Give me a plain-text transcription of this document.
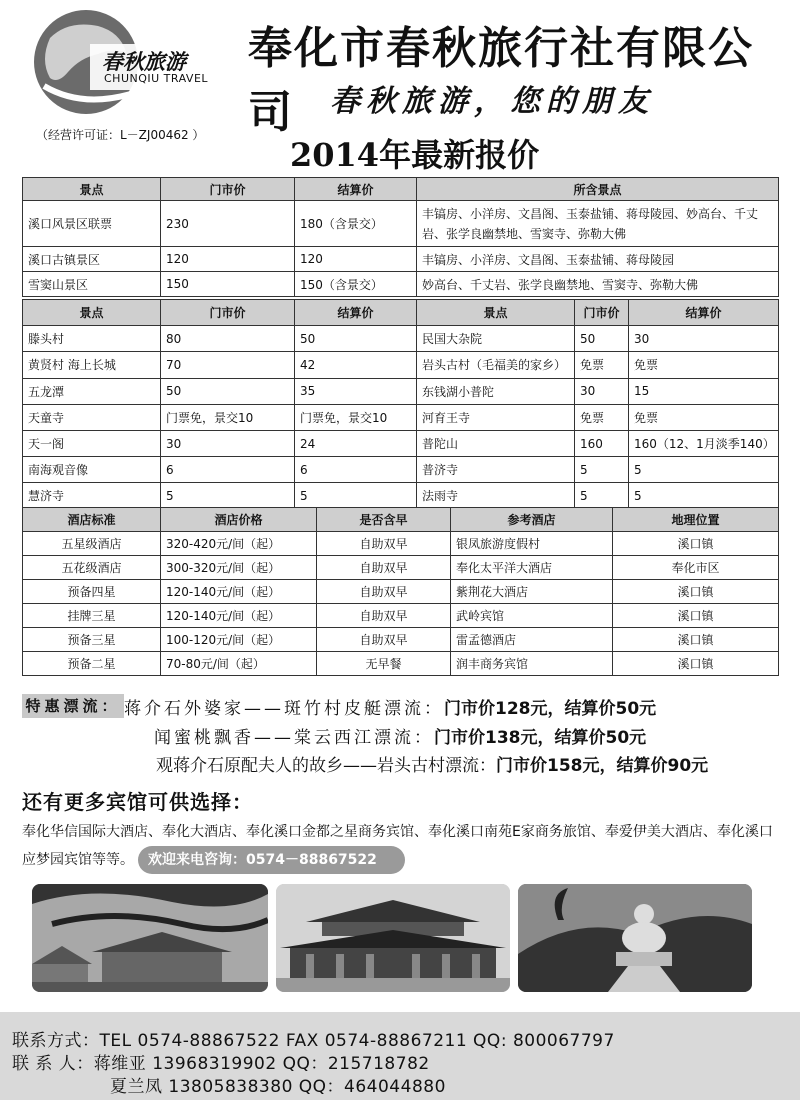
春秋旅游
CHUNQIU TRAVEL
奉化市春秋旅行社有限公司	春秋旅游，您的朋友
（经营许可证：L－ZJ00462 ）
2014年最新报价
景点	门市价	结算价	所含景点
溪口风景区联票	230	180（含景交）	丰镐房、小洋房、文昌阁、玉泰盐铺、蒋母陵园、妙高台、千丈岩、张学良幽禁地、雪窦寺、弥勒大佛
溪口古镇景区	120	120	丰镐房、小洋房、文昌阁、玉泰盐铺、蒋母陵园
雪窦山景区	150	150（含景交）	妙高台、千丈岩、张学良幽禁地、雪窦寺、弥勒大佛
景点	门市价	结算价	景点	门市价	结算价
滕头村	80	50	民国大杂院	50	30
黄贤村 海上长城	70	42	岩头古村（毛福美的家乡）	免票	免票
五龙潭	50	35	东钱湖小普陀	30	15
天童寺	门票免，景交10	门票免，景交10	河育王寺	免票	免票
天一阁	30	24	普陀山	160	160（12、1月淡季140）
南海观音像	6	6	普济寺	5	5
慧济寺	5	5	法雨寺	5	5
酒店标准	酒店价格	是否含早	参考酒店	地理位置
五星级酒店	320-420元/间（起）	自助双早	银凤旅游度假村	溪口镇
五花级酒店	300-320元/间（起）	自助双早	奉化太平洋大酒店	奉化市区
预备四星	120-140元/间（起）	自助双早	紫荆花大酒店	溪口镇
挂牌三星	120-140元/间（起）	自助双早	武岭宾馆	溪口镇
预备三星	100-120元/间（起）	自助双早	雷孟德酒店	溪口镇
预备二星	70-80元/间（起）	无早餐	润丰商务宾馆	溪口镇
特惠漂流： 蒋介石外婆家——斑竹村皮艇漂流：门市价128元，结算价50元
闻蜜桃飘香——棠云西江漂流：门市价138元，结算价50元
观蒋介石原配夫人的故乡——岩头古村漂流：门市价158元，结算价90元
还有更多宾馆可供选择：
奉化华信国际大酒店、奉化大酒店、奉化溪口金都之星商务宾馆、奉化溪口南苑E家商务旅馆、奉爱伊美大酒店、奉化溪口应梦园宾馆等等。 欢迎来电咨询：0574－88867522
联系方式：TEL 0574-88867522 FAX 0574-88867211 QQ: 800067797
联 系 人：蒋维亚 13968319902 QQ：215718782
夏兰凤 13805838380 QQ：464044880
